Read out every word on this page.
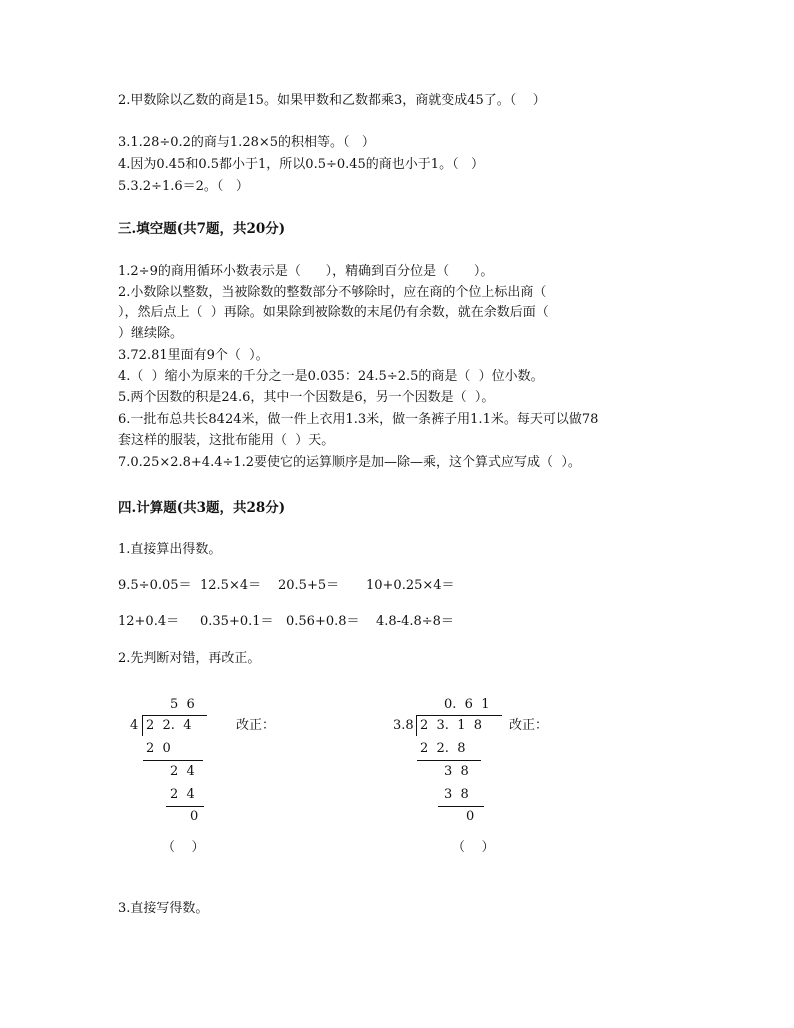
2.甲数除以乙数的商是15。如果甲数和乙数都乘3，商就变成45了。（    ）
3.1.28÷0.2的商与1.28×5的积相等。（   ）
4.因为0.45和0.5都小于1，所以0.5÷0.45的商也小于1。（   ）
5.3.2÷1.6＝2。（   ）
三.填空题(共7题，共20分)
1.2÷9的商用循环小数表示是（      ），精确到百分位是（      ）。
2.小数除以整数，当被除数的整数部分不够除时，应在商的个位上标出商（
），然后点上（  ）再除。如果除到被除数的末尾仍有余数，就在余数后面（
）继续除。
3.72.81里面有9个（  ）。
4.（  ）缩小为原来的千分之一是0.035：24.5÷2.5的商是（  ）位小数。
5.两个因数的积是24.6，其中一个因数是6，另一个因数是（  ）。
6.一批布总共长8424米，做一件上衣用1.3米，做一条裤子用1.1米。每天可以做78
套这样的服装，这批布能用（  ）天。
7.0.25×2.8+4.4÷1.2要使它的运算顺序是加—除—乘，这个算式应写成（  ）。
四.计算题(共3题，共28分)
1.直接算出得数。
9.5÷0.05＝ 12.5×4＝ 20.5+5＝ 10+0.25×4＝
12+0.4＝ 0.35+0.1＝ 0.56+0.8＝ 4.8-4.8÷8＝
2.先判断对错，再改正。
5  6
4 2  2.  4	改正：
2  0
2  4
2  4
0
（    ）
0.  6  1
3.8 2  3.  1  8 改正：
2  2.  8
3  8
3  8
0
（    ）
3.直接写得数。
